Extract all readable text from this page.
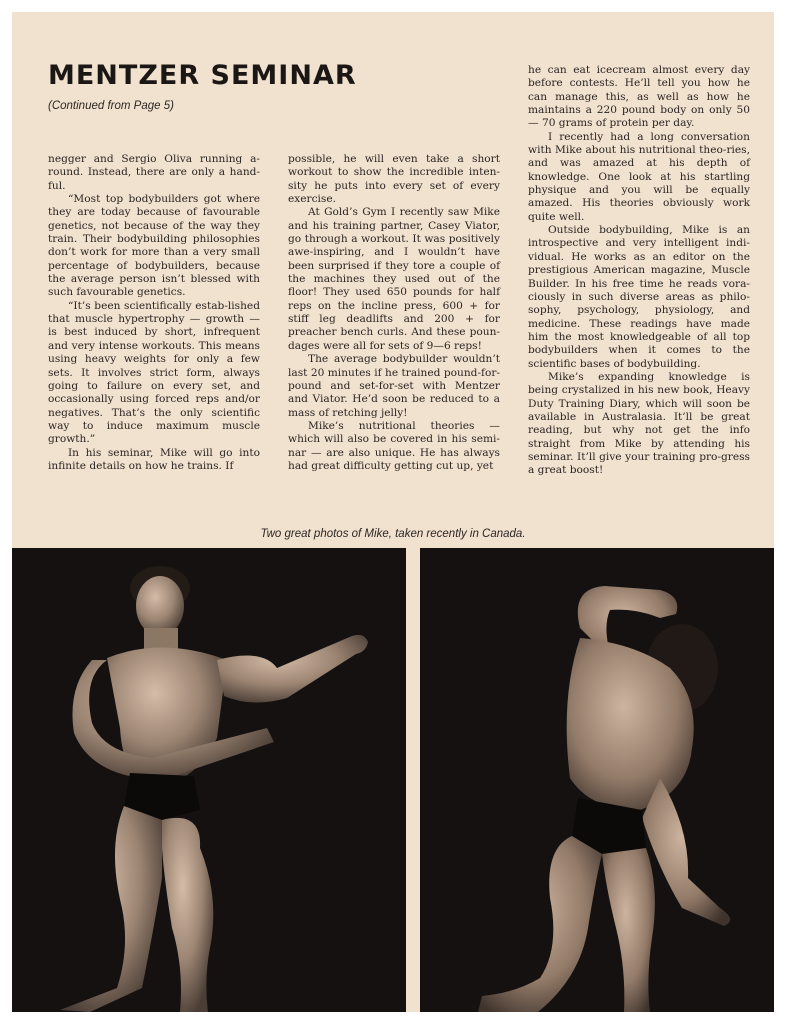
MENTZER SEMINAR
(Continued from Page 5)

negger and Sergio Oliva running a-round. Instead, there are only a hand-ful.

“Most top bodybuilders got where they are today because of favourable genetics, not because of the way they train. Their bodybuilding philosophies don’t work for more than a very small percentage of bodybuilders, because the average person isn’t blessed with such favourable genetics.

“It’s been scientifically estab-lished that muscle hypertrophy — growth — is best induced by short, infrequent and very intense workouts. This means using heavy weights for only a few sets. It involves strict form, always going to failure on every set, and occasionally using forced reps and/or negatives. That’s the only scientific way to induce maximum muscle growth.”

In his seminar, Mike will go into infinite details on how he trains. If

possible, he will even take a short workout to show the incredible inten-sity he puts into every set of every exercise.

At Gold’s Gym I recently saw Mike and his training partner, Casey Viator, go through a workout. It was positively awe-inspiring, and I wouldn’t have been surprised if they tore a couple of the machines they used out of the floor! They used 650 pounds for half reps on the incline press, 600 + for stiff leg deadlifts and 200 + for preacher bench curls. And these poun-dages were all for sets of 9—6 reps!

The average bodybuilder wouldn’t last 20 minutes if he trained pound-for-pound and set-for-set with Mentzer and Viator. He’d soon be reduced to a mass of retching jelly!

Mike’s nutritional theories — which will also be covered in his semi-nar — are also unique. He has always had great difficulty getting cut up, yet

he can eat icecream almost every day before contests. He’ll tell you how he can manage this, as well as how he maintains a 220 pound body on only 50 — 70 grams of protein per day.

I recently had a long conversation with Mike about his nutritional theo-ries, and was amazed at his depth of knowledge. One look at his startling physique and you will be equally amazed. His theories obviously work quite well.

Outside bodybuilding, Mike is an introspective and very intelligent indi-vidual. He works as an editor on the prestigious American magazine, Muscle Builder. In his free time he reads vora-ciously in such diverse areas as philo-sophy, psychology, physiology, and medicine. These readings have made him the most knowledgeable of all top bodybuilders when it comes to the scientific bases of bodybuilding.

Mike’s expanding knowledge is being crystalized in his new book, Heavy Duty Training Diary, which will soon be available in Australasia. It’ll be great reading, but why not get the info straight from Mike by attending his seminar. It’ll give your training pro-gress a great boost!

Two great photos of Mike, taken recently in Canada.
